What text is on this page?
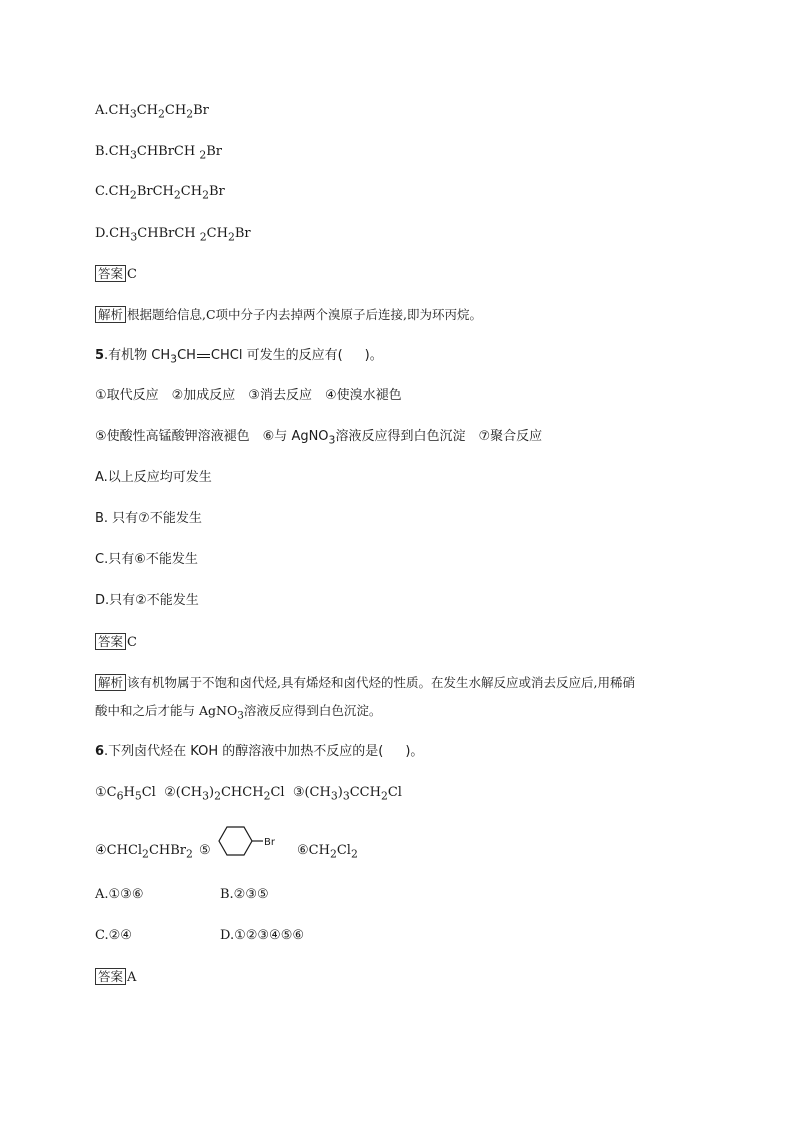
$A.CH_3CH_2CH_2Br$
$B.CH_3CHBrCH$ $_2$Br
$C.CH_2BrCH_2CH_2Br$
$D.CH_3CHBrCH$ $_2CH_2Br$
答案 C
解析 根据题给信息,C项中分子内去掉两个溴原子后连接,即为环丙烷。
5.有机物 $CH_3CH$ CHCl 可发生的反应有( )。
①取代反应　②加成反应　③消去反应　④使溴水褪色
⑤使酸性高锰酸钾溶液褪色　⑥与 AgNO$_3$溶液反应得到白色沉淀　⑦聚合反应
A.以上反应均可发生
B. 只有⑦不能发生
C.只有⑥不能发生
D.只有②不能发生
答案 C
解析 该有机物属于不饱和卤代烃,具有烯烃和卤代烃的性质。在发生水解反应或消去反应后,用稀硝
酸中和之后才能与 AgNO$_3$溶液反应得到白色沉淀。
6.下列卤代烃在 KOH 的醇溶液中加热不反应的是( )。
$①C_6H_5Cl$ $②(CH_3)_2CHCH_2Cl$ $③(CH_3)_3CCH_2Cl$
④CHCl$_2$CHBr$_2$ ⑤
Br
$⑥CH_2Cl_2$
A.①③⑥	B.②③⑤
C.②④	D.①②③④⑤⑥
答案 A
